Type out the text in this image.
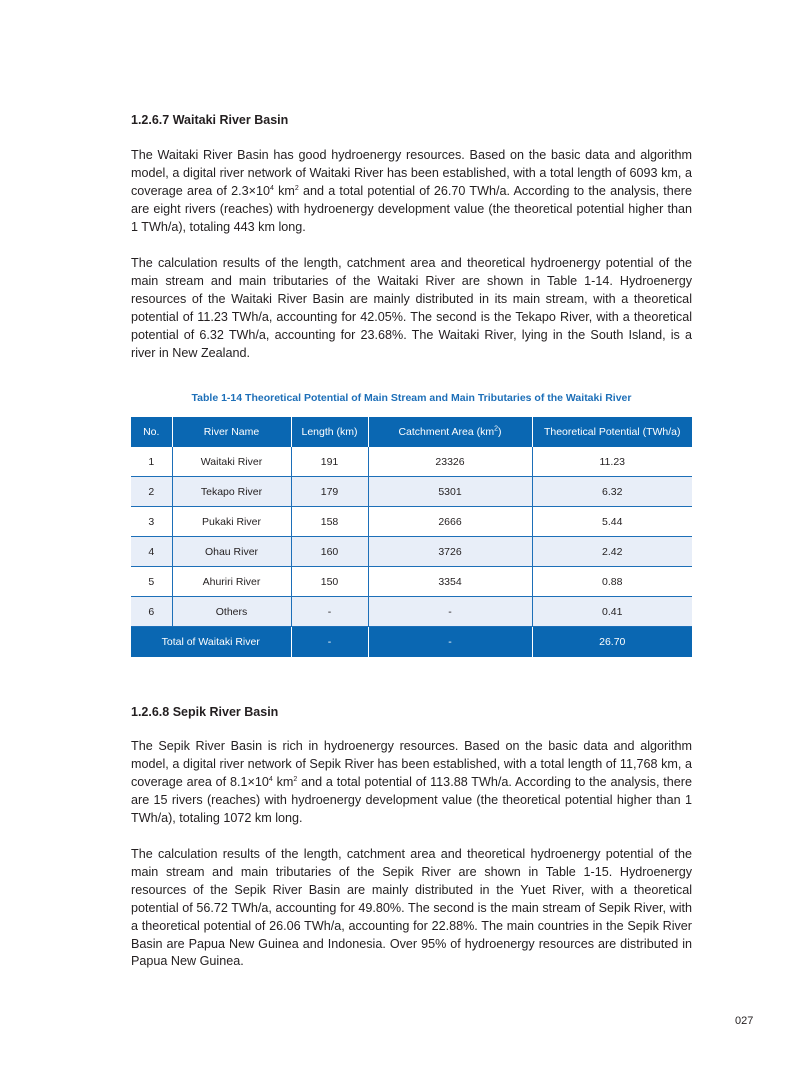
1.2.6.7 Waitaki River Basin

The Waitaki River Basin has good hydroenergy resources. Based on the basic data and algorithm model, a digital river network of Waitaki River has been established, with a total length of 6093 km, a coverage area of $2.3\times 10^4$ $km^2$ and a total potential of 26.70 TWh/a. According to the analysis, there are eight rivers (reaches) with hydroenergy development value (the theoretical potential higher than 1 TWh/a), totaling 443 km long.

The calculation results of the length, catchment area and theoretical hydroenergy potential of the main stream and main tributaries of the Waitaki River are shown in Table 1-14. Hydroenergy resources of the Waitaki River Basin are mainly distributed in its main stream, with a theoretical potential of 11.23 TWh/a, accounting for 42.05%. The second is the Tekapo River, with a theoretical potential of 6.32 TWh/a, accounting for 23.68%. The Waitaki River, lying in the South Island, is a river in New Zealand.

Table 1-14 Theoretical Potential of Main Stream and Main Tributaries of the Waitaki River
No.	River Name	Length (km)	Catchment Area $(km^2)$	Theoretical Potential (TWh/a)
1	Waitaki River	191	23326	11.23
2	Tekapo River	179	5301	6.32
3	Pukaki River	158	2666	5.44
4	Ohau River	160	3726	2.42
5	Ahuriri River	150	3354	0.88
6	Others	-	-	0.41
Total of Waitaki River		-	-	26.70
1.2.6.8 Sepik River Basin

The Sepik River Basin is rich in hydroenergy resources. Based on the basic data and algorithm model, a digital river network of Sepik River has been established, with a total length of 11,768 km, a coverage area of $8.1\times 10^4$ $km^2$ and a total potential of 113.88 TWh/a. According to the analysis, there are 15 rivers (reaches) with hydroenergy development value (the theoretical potential higher than 1 TWh/a), totaling 1072 km long.

The calculation results of the length, catchment area and theoretical hydroenergy potential of the main stream and main tributaries of the Sepik River are shown in Table 1-15. Hydroenergy resources of the Sepik River Basin are mainly distributed in the Yuet River, with a theoretical potential of 56.72 TWh/a, accounting for 49.80%. The second is the main stream of Sepik River, with a theoretical potential of 26.06 TWh/a, accounting for 22.88%. The main countries in the Sepik River Basin are Papua New Guinea and Indonesia. Over 95% of hydroenergy resources are distributed in Papua New Guinea.

027
